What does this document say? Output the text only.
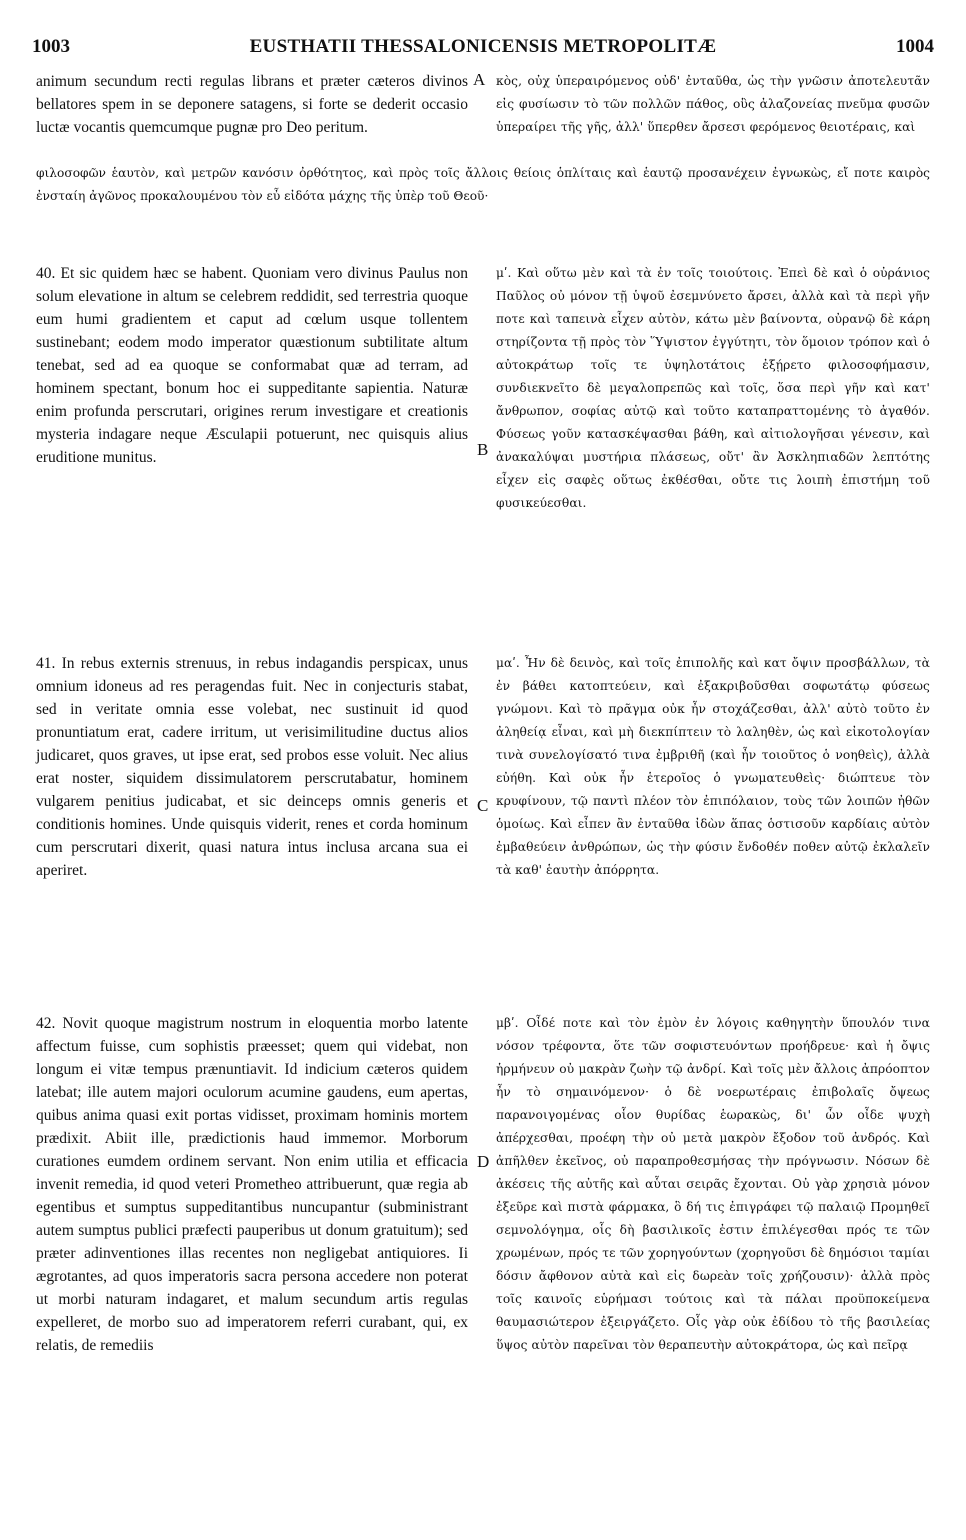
1003	EUSTHATII THESSALONICENSIS METROPOLITÆ	1004

animum secundum recti regulas librans et præter cæteros divinos bellatores spem in se deponere satagens, si forte se dederit occasio luctæ vocantis quemcumque pugnæ pro Deo peritum.

κὸς, οὐχ ὑπεραιρόμενος οὐδ' ἐνταῦθα, ὡς τὴν γνῶσιν ἀποτελευτᾶν εἰς φυσίωσιν τὸ τῶν πολλῶν πάθος, οὓς ἀλαζονείας πνεῦμα φυσῶν ὑπεραίρει τῆς γῆς, ἀλλ' ὕπερθεν ἄρσεσι φερόμενος θειοτέραις, καὶ

φιλοσοφῶν ἑαυτὸν, καὶ μετρῶν κανόσιν ὀρθότητος, καὶ πρὸς τοῖς ἄλλοις θείοις ὁπλίταις καὶ ἑαυτῷ προσανέχειν ἐγνωκὼς, εἴ ποτε καιρὸς ἐνσταίη ἀγῶνος προκαλουμένου τὸν εὖ εἰδότα μάχης τῆς ὑπὲρ τοῦ Θεοῦ·

A

40. Et sic quidem hæc se habent. Quoniam vero divinus Paulus non solum elevatione in altum se celebrem reddidit, sed terrestria quoque eum humi gradientem et caput ad cœlum usque tollentem sustinebant; eodem modo imperator quæstionum subtilitate altum tenebat, sed ad ea quoque se conformabat quæ ad terram, ad hominem spectant, bonum hoc ei suppeditante sapientia. Naturæ enim profunda perscrutari, origines rerum investigare et creationis mysteria indagare neque Æsculapii potuerunt, nec quisquis alius eruditione munitus.

μʹ. Καὶ οὕτω μὲν καὶ τὰ ἐν τοῖς τοιούτοις. Ἐπεὶ δὲ καὶ ὁ οὐράνιος Παῦλος οὐ μόνον τῇ ὑψοῦ ἐσεμνύνετο ἄρσει, ἀλλὰ καὶ τὰ περὶ γῆν ποτε καὶ ταπεινὰ εἶχεν αὐτὸν, κάτω μὲν βαίνοντα, οὐρανῷ δὲ κάρη στηρίζοντα τῇ πρὸς τὸν Ὕψιστον ἐγγύτητι, τὸν ὅμοιον τρόπον καὶ ὁ αὐτοκράτωρ τοῖς τε ὑψηλοτάτοις ἐξῄρετο φιλοσοφήμασιν, συνδιεκνεῖτο δὲ μεγαλοπρεπῶς καὶ τοῖς, ὅσα περὶ γῆν καὶ κατ' ἄνθρωπον, σοφίας αὐτῷ καὶ τοῦτο καταπραττομένης τὸ ἀγαθόν. Φύσεως γοῦν κατασκέψασθαι βάθη, καὶ αἰτιολογῆσαι γένεσιν, καὶ ἀνακαλύψαι μυστήρια πλάσεως, οὔτ' ἂν Ἀσκληπιαδῶν λεπτότης εἶχεν εἰς σαφὲς οὕτως ἐκθέσθαι, οὔτε τις λοιπὴ ἐπιστήμη τοῦ φυσικεύεσθαι.

B

41. In rebus externis strenuus, in rebus indagandis perspicax, unus omnium idoneus ad res peragendas fuit. Nec in conjecturis stabat, sed in veritate omnia esse volebat, nec sustinuit id quod pronuntiatum erat, cadere irritum, ut verisimilitudine ductus alios judicaret, quos graves, ut ipse erat, sed probos esse voluit. Nec alius erat noster, siquidem dissimulatorem perscrutabatur, hominem vulgarem penitius judicabat, et sic deinceps omnis generis et conditionis homines. Unde quisquis viderit, renes et corda hominum cum perscrutari dixerit, quasi natura intus inclusa arcana sua ei aperiret.

μαʹ. Ἦν δὲ δεινὸς, καὶ τοῖς ἐπιπολῆς καὶ κατ ὄψιν προσβάλλων, τὰ ἐν βάθει κατοπτεύειν, καὶ ἐξακριβοῦσθαι σοφωτάτῳ φύσεως γνώμονι. Καὶ τὸ πρᾶγμα οὐκ ἦν στοχάζεσθαι, ἀλλ' αὐτὸ τοῦτο ἐν ἀληθείᾳ εἶναι, καὶ μὴ διεκπίπτειν τὸ λαληθὲν, ὡς καὶ εἰκοτολογίαν τινὰ συνελογίσατό τινα ἐμβριθῆ (καὶ ἦν τοιοῦτος ὁ νοηθεὶς), ἀλλὰ εὐήθη. Καὶ οὐκ ἦν ἑτεροῖος ὁ γνωματευθεὶς· διώπτευε τὸν κρυφίνουν, τῷ παντὶ πλέον τὸν ἐπιπόλαιον, τοὺς τῶν λοιπῶν ἠθῶν ὁμοίως. Καὶ εἶπεν ἂν ἐνταῦθα ἰδὼν ἅπας ὁστισοῦν καρδίαις αὐτὸν ἐμβαθεύειν ἀνθρώπων, ὡς τὴν φύσιν ἔνδοθέν ποθεν αὐτῷ ἐκλαλεῖν τὰ καθ' ἑαυτὴν ἀπόρρητα.

C

42. Novit quoque magistrum nostrum in eloquentia morbo latente affectum fuisse, cum sophistis præesset; quem qui videbat, non longum ei vitæ tempus prænuntiavit. Id indicium cæteros quidem latebat; ille autem majori oculorum acumine gaudens, eum apertas, quibus anima quasi exit portas vidisset, proximam hominis mortem prædixit. Abiit ille, prædictionis haud immemor. Morborum curationes eumdem ordinem servant. Non enim utilia et efficacia invenit remedia, id quod veteri Prometheo attribuerunt, quæ regia ab egentibus et sumptus suppeditantibus nuncupantur (subministrant autem sumptus publici præfecti pauperibus ut donum gratuitum); sed præter adinventiones illas recentes non negligebat antiquiores. Ii ægrotantes, ad quos imperatoris sacra persona accedere non poterat ut morbi naturam indagaret, et malum secundum artis regulas expelleret, de morbo suo ad imperatorem referri curabant, qui, ex relatis, de remediis

μβʹ. Οἶδέ ποτε καὶ τὸν ἐμὸν ἐν λόγοις καθηγητὴν ὕπουλόν τινα νόσον τρέφοντα, ὅτε τῶν σοφιστευόντων προήδρευε· καὶ ἡ ὄψις ἡρμήνευν οὐ μακρὰν ζωὴν τῷ ἀνδρί. Καὶ τοῖς μὲν ἄλλοις ἀπρόοπτον ἦν τὸ σημαινόμενον· ὁ δὲ νοερωτέραις ἐπιβολαῖς ὄψεως παρανοιγομένας οἷον θυρίδας ἑωρακὼς, δι' ὧν οἶδε ψυχὴ ἀπέρχεσθαι, προέφη τὴν οὐ μετὰ μακρὸν ἔξοδον τοῦ ἀνδρός. Καὶ ἀπῆλθεν ἐκεῖνος, οὐ παραπροθεσμήσας τὴν πρόγνωσιν. Νόσων δὲ ἀκέσεις τῆς αὐτῆς καὶ αὗται σειρᾶς ἔχονται. Οὐ γὰρ χρησιὰ μόνον ἐξεῦρε καὶ πιστὰ φάρμακα, ὃ δή τις ἐπιγράφει τῷ παλαιῷ Προμηθεῖ σεμνολόγημα, οἷς δὴ βασιλικοῖς ἐστιν ἐπιλέγεσθαι πρός τε τῶν χρωμένων, πρός τε τῶν χορηγούντων (χορηγοῦσι δὲ δημόσιοι ταμίαι δόσιν ἄφθονον αὐτὰ καὶ εἰς δωρεὰν τοῖς χρήζουσιν)· ἀλλὰ πρὸς τοῖς καινοῖς εὑρήμασι τούτοις καὶ τὰ πάλαι προϋποκείμενα θαυμασιώτερον ἐξειργάζετο. Οἷς γὰρ οὐκ ἐδίδου τὸ τῆς βασιλείας ὕψος αὐτὸν παρεῖναι τὸν θεραπευτὴν αὐτοκράτορα, ὡς καὶ πεῖρᾳ

D
